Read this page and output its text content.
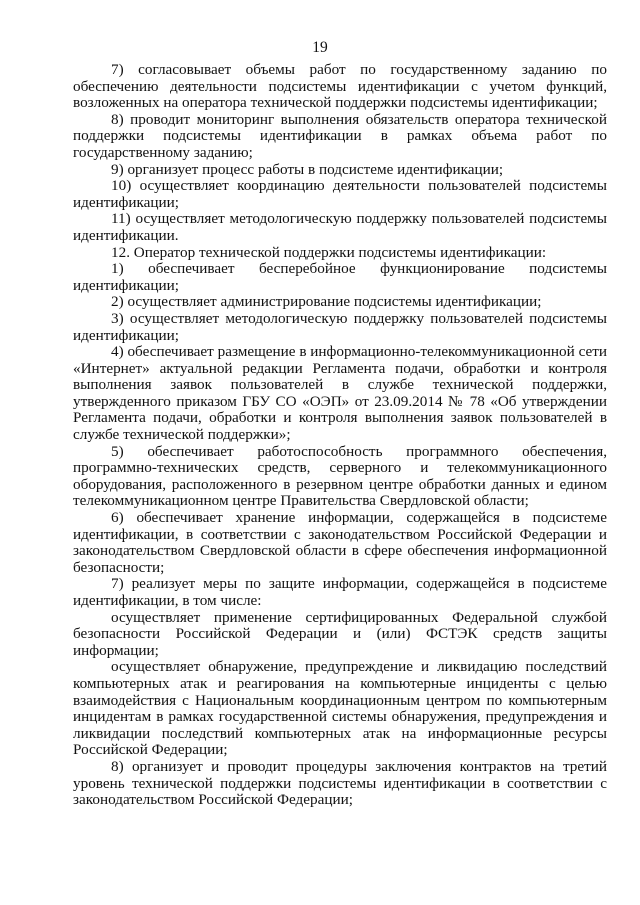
19

7) согласовывает объемы работ по государственному заданию по обеспечению деятельности подсистемы идентификации с учетом функций, возложенных на оператора технической поддержки подсистемы идентификации;

8) проводит мониторинг выполнения обязательств оператора технической поддержки подсистемы идентификации в рамках объема работ по государственному заданию;

9) организует процесс работы в подсистеме идентификации;

10) осуществляет координацию деятельности пользователей подсистемы идентификации;

11) осуществляет методологическую поддержку пользователей подсистемы идентификации.

12. Оператор технической поддержки подсистемы идентификации:

1) обеспечивает бесперебойное функционирование подсистемы идентификации;

2) осуществляет администрирование подсистемы идентификации;

3) осуществляет методологическую поддержку пользователей подсистемы идентификации;

4) обеспечивает размещение в информационно-телекоммуникационной сети «Интернет» актуальной редакции Регламента подачи, обработки и контроля выполнения заявок пользователей в службе технической поддержки, утвержденного приказом ГБУ СО «ОЭП» от 23.09.2014 № 78 «Об утверждении Регламента подачи, обработки и контроля выполнения заявок пользователей в службе технической поддержки»;

5) обеспечивает работоспособность программного обеспечения, программно-технических средств, серверного и телекоммуникационного оборудования, расположенного в резервном центре обработки данных и едином телекоммуникационном центре Правительства Свердловской области;

6) обеспечивает хранение информации, содержащейся в подсистеме идентификации, в соответствии с законодательством Российской Федерации и законодательством Свердловской области в сфере обеспечения информационной безопасности;

7) реализует меры по защите информации, содержащейся в подсистеме идентификации, в том числе:

осуществляет применение сертифицированных Федеральной службой безопасности Российской Федерации и (или) ФСТЭК средств защиты информации;

осуществляет обнаружение, предупреждение и ликвидацию последствий компьютерных атак и реагирования на компьютерные инциденты с целью взаимодействия с Национальным координационным центром по компьютерным инцидентам в рамках государственной системы обнаружения, предупреждения и ликвидации последствий компьютерных атак на информационные ресурсы Российской Федерации;

8) организует и проводит процедуры заключения контрактов на третий уровень технической поддержки подсистемы идентификации в соответствии с законодательством Российской Федерации;
